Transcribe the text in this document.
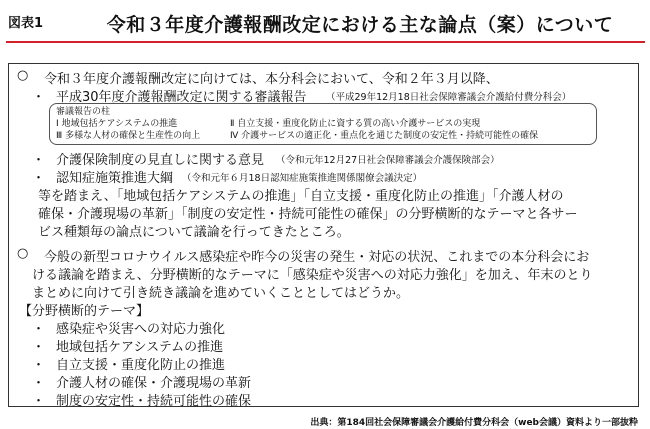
図表1	令和３年度介護報酬改定における主な論点（案）について
○ 令和３年度介護報酬改定に向けては、本分科会において、令和２年３月以降、
・ 平成30年度介護報酬改定に関する審議報告 （平成29年12月18日社会保障審議会介護給付費分科会）
審議報告の柱
Ⅰ 地域包括ケアシステムの推進	Ⅱ 自立支援・重度化防止に資する質の高い介護サービスの実現
Ⅲ 多様な人材の確保と生産性の向上	Ⅳ 介護サービスの適正化・重点化を通じた制度の安定性・持続可能性の確保
・ 介護保険制度の見直しに関する意見 （令和元年12月27日社会保障審議会介護保険部会）
・ 認知症施策推進大綱 （令和元年６月18日認知症施策推進関係閣僚会議決定）
等を踏まえ、「地域包括ケアシステムの推進」「自立支援・重度化防止の推進」「介護人材の
確保・介護現場の革新」「制度の安定性・持続可能性の確保」の分野横断的なテーマと各サー
ビス種類毎の論点について議論を行ってきたところ。
○ 今般の新型コロナウイルス感染症や昨今の災害の発生・対応の状況、これまでの本分科会にお
ける議論を踏まえ、分野横断的なテーマに「感染症や災害への対応力強化」を加え、年末のとり
まとめに向けて引き続き議論を進めていくこととしてはどうか。
【分野横断的テーマ】
・ 感染症や災害への対応力強化
・ 地域包括ケアシステムの推進
・ 自立支援・重度化防止の推進
・ 介護人材の確保・介護現場の革新
・ 制度の安定性・持続可能性の確保
出典：第184回社会保障審議会介護給付費分科会（web会議）資料より一部抜粋
